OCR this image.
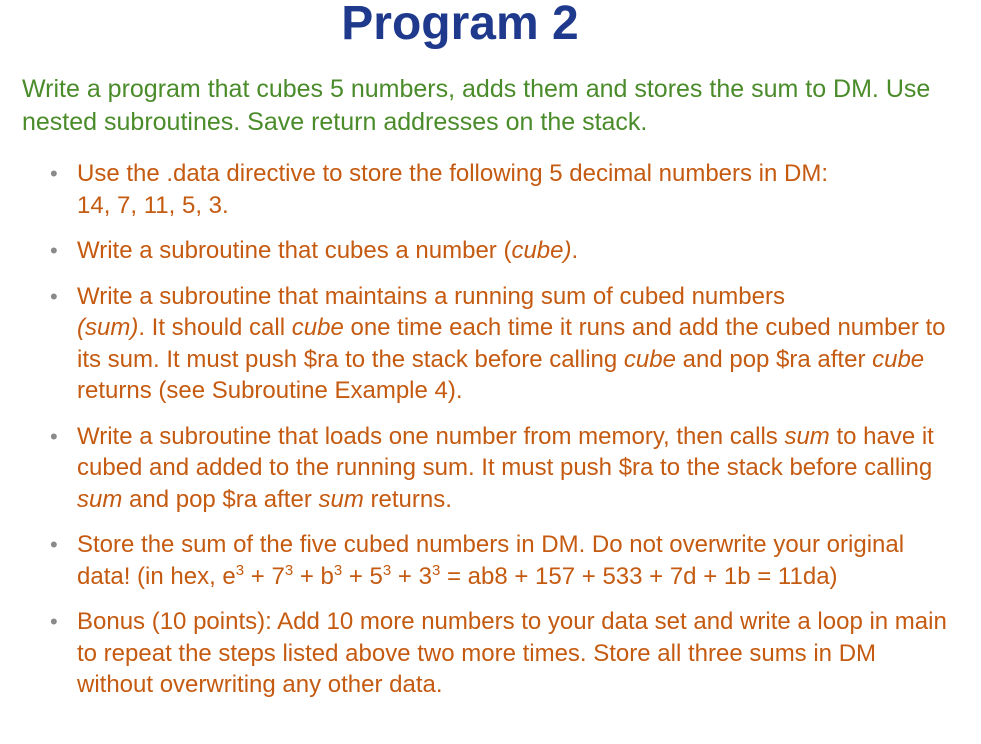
Program 2

Write a program that cubes 5 numbers, adds them and stores the sum to DM. Use nested subroutines. Save return addresses on the stack.

• Use the .data directive to store the following 5 decimal numbers in DM:
14, 7, 11, 5, 3.
• Write a subroutine that cubes a number (cube).
• Write a subroutine that maintains a running sum of cubed numbers
(sum). It should call cube one time each time it runs and add the cubed number to its sum. It must push $ra to the stack before calling cube and pop $ra after cube returns (see Subroutine Example 4).
• Write a subroutine that loads one number from memory, then calls sum to have it cubed and added to the running sum. It must push $ra to the stack before calling sum and pop $ra after sum returns.
• Store the sum of the five cubed numbers in DM. Do not overwrite your original data! (in hex, $e^3 + 7^3 + b^3 + 5^3 + 3^3 = ab8 + 157 + 533 + 7d + 1b = 11da$)
• Bonus (10 points): Add 10 more numbers to your data set and write a loop in main to repeat the steps listed above two more times. Store all three sums in DM without overwriting any other data.
